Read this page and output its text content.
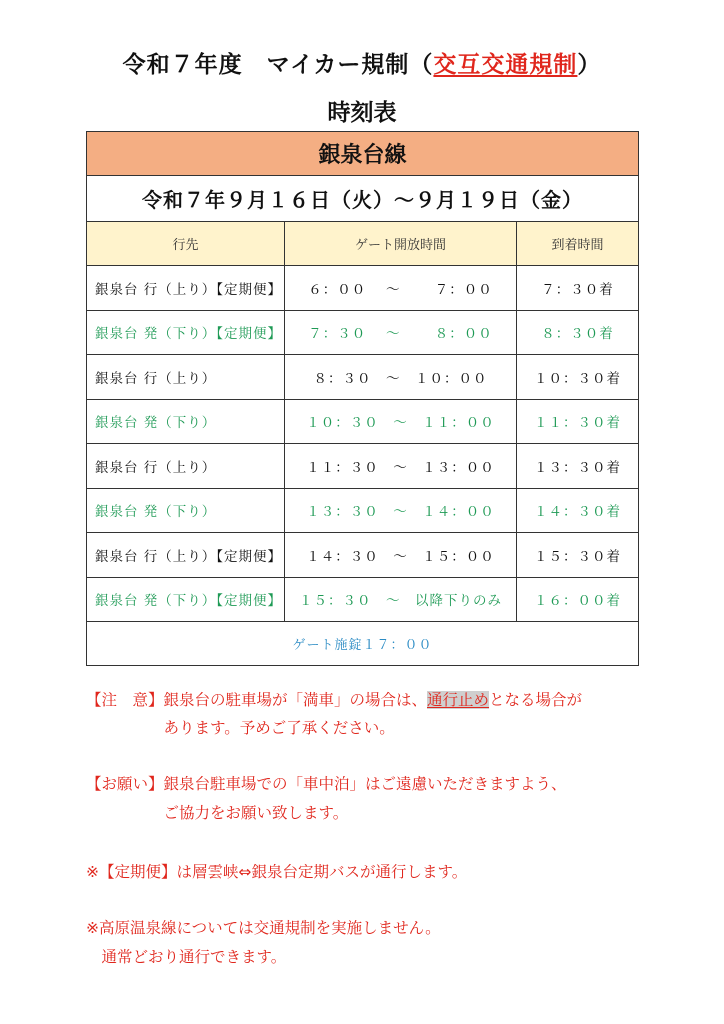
令和７年度　マイカー規制（交互交通規制）
時刻表
銀泉台線		
令和７年９月１６日（火）～９月１９日（金）		
行先	ゲート開放時間	到着時間
銀泉台 行（上り）【定期便】	６：００　 ～　　 ７：００	７：３０着
銀泉台 発（下り）【定期便】	７：３０　 ～　　 ８：００	８：３０着
銀泉台 行（上り）	８：３０　～　１０：００	１０：３０着
銀泉台 発（下り）	１０：３０　～　１１：００	１１：３０着
銀泉台 行（上り）	１１：３０　～　１３：００	１３：３０着
銀泉台 発（下り）	１３：３０　～　１４：００	１４：３０着
銀泉台 行（上り）【定期便】	１４：３０　～　１５：００	１５：３０着
銀泉台 発（下り）【定期便】	１５：３０　～　以降下りのみ	１６：００着
ゲート施錠１７：００		
【注　意】銀泉台の駐車場が「満車」の場合は、通行止めとなる場合が
　　　　　あります。予めご了承ください。
【お願い】銀泉台駐車場での「車中泊」はご遠慮いただきますよう、
　　　　　ご協力をお願い致します。
※【定期便】は層雲峡⇔銀泉台定期バスが通行します。
※高原温泉線については交通規制を実施しません。
　通常どおり通行できます。
